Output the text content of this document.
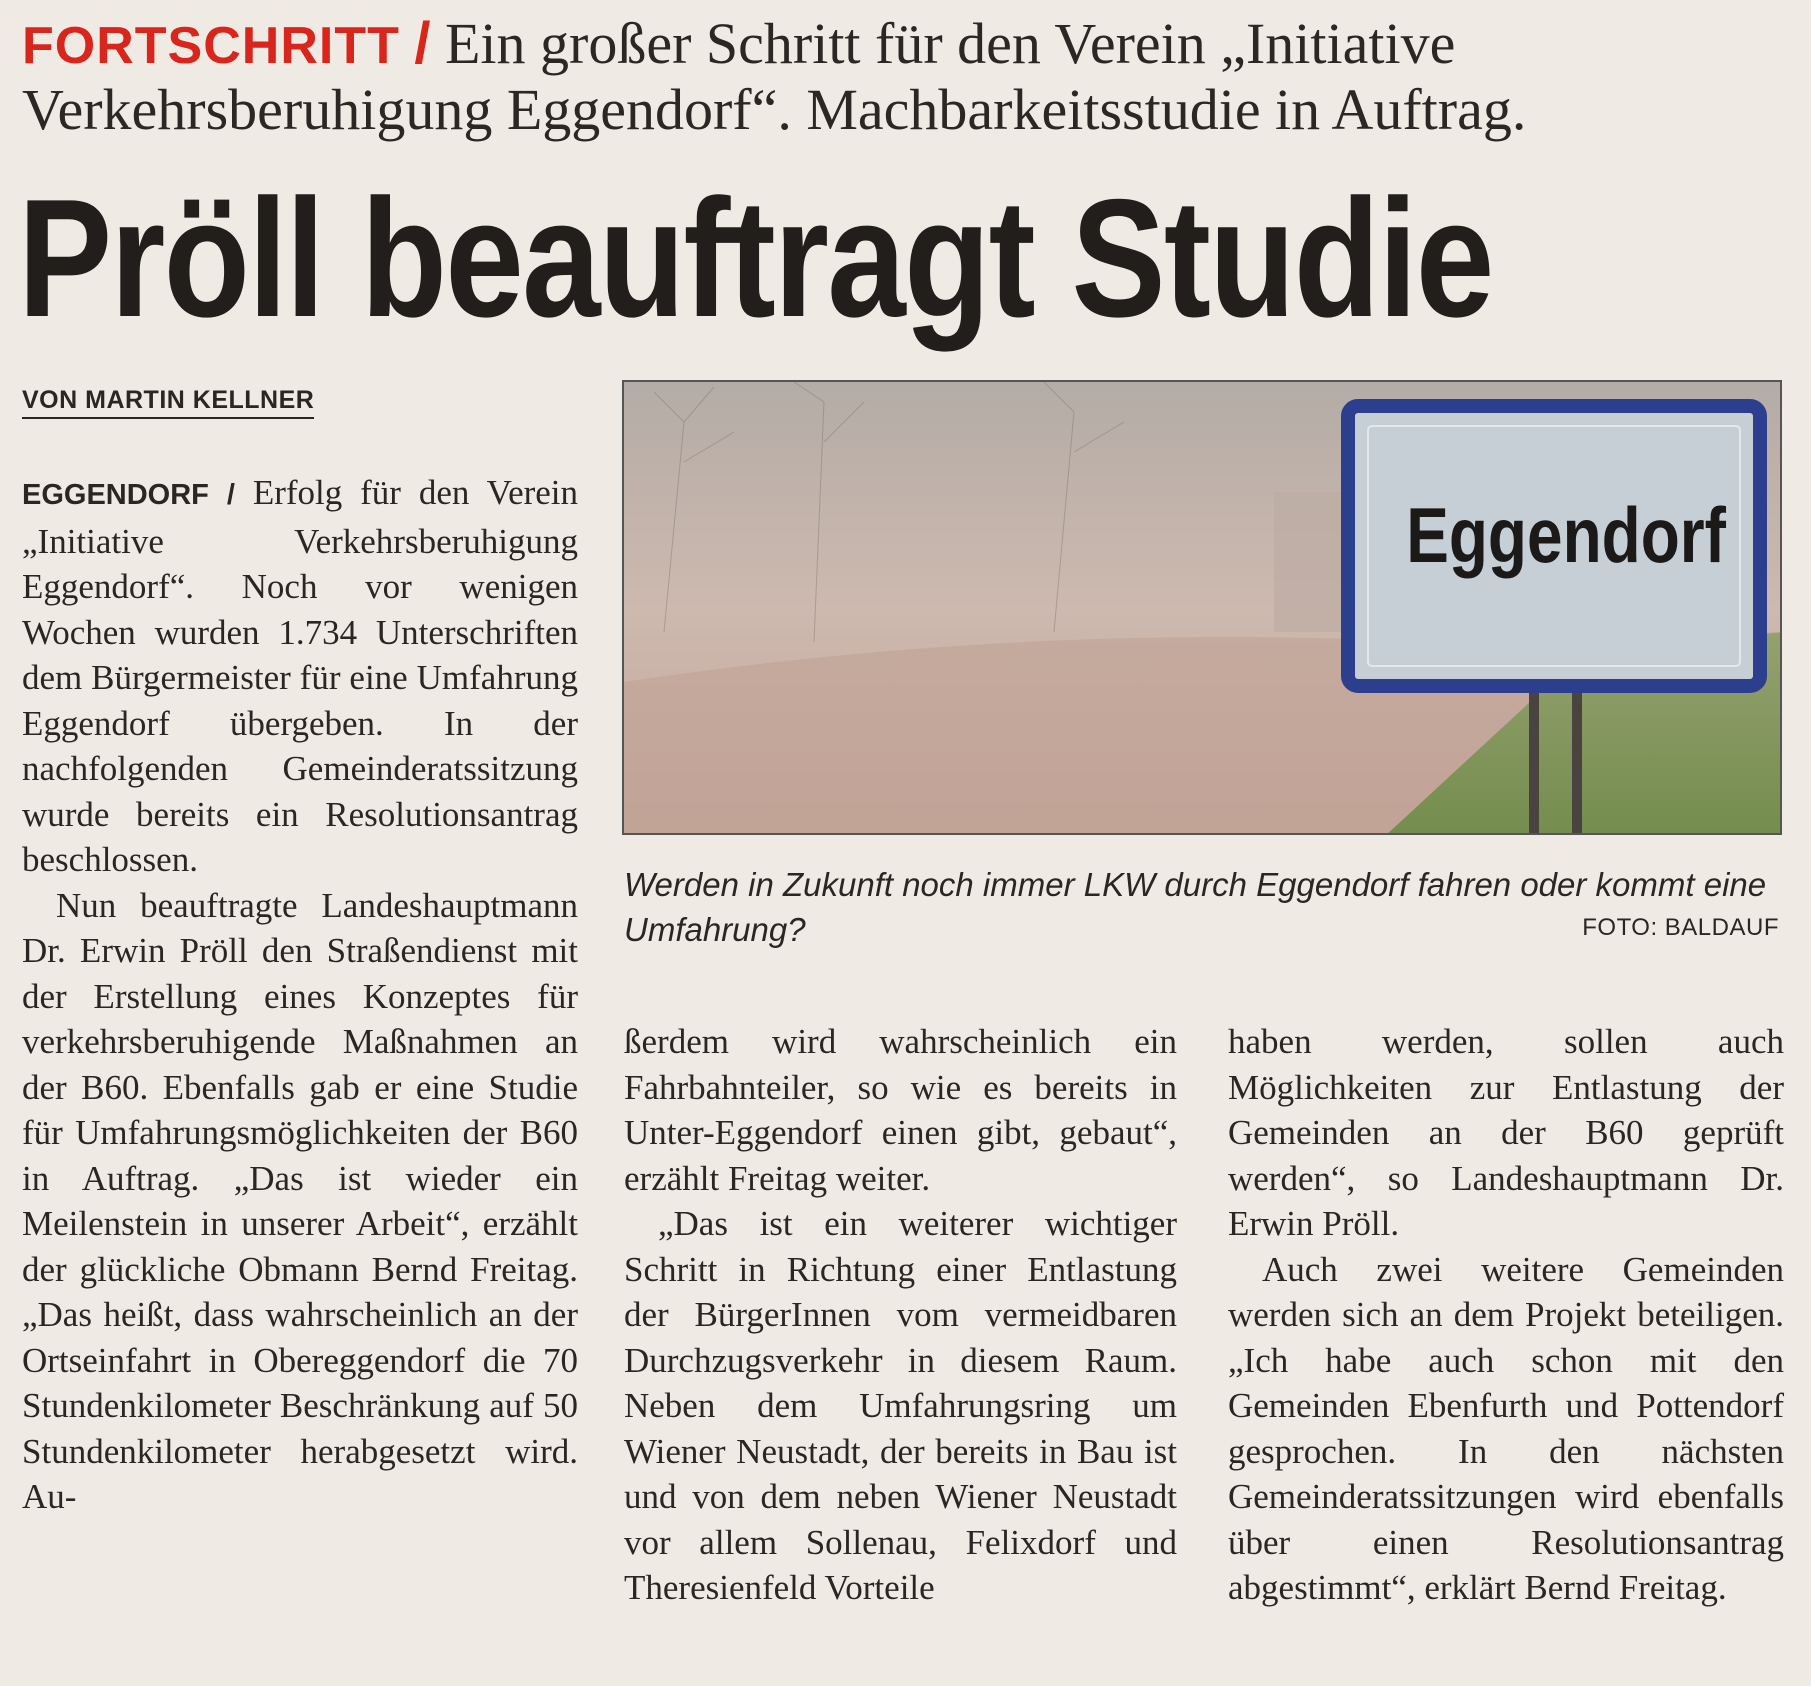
FORTSCHRITT / Ein großer Schritt für den Verein „Initiative Verkehrsberuhigung Eggendorf“. Machbarkeitsstudie in Auftrag.
Pröll beauftragt Studie
VON MARTIN KELLNER

EGGENDORF / Erfolg für den Verein „Initiative Verkehrsberuhigung Eggendorf“. Noch vor wenigen Wochen wurden 1.734 Unterschriften dem Bürgermeister für eine Umfahrung Eggendorf übergeben. In der nachfolgenden Gemeinderatssitzung wurde bereits ein Resolutionsantrag beschlossen.

Nun beauftragte Landeshauptmann Dr. Erwin Pröll den Straßendienst mit der Erstellung eines Konzeptes für verkehrsberuhigende Maßnahmen an der B60. Ebenfalls gab er eine Studie für Umfahrungsmöglichkeiten der B60 in Auftrag. „Das ist wieder ein Meilenstein in unserer Arbeit“, erzählt der glückliche Obmann Bernd Freitag. „Das heißt, dass wahrscheinlich an der Ortseinfahrt in Obereggendorf die 70 Stundenkilometer Beschränkung auf 50 Stundenkilometer herabgesetzt wird. Au-

Eggendorf
Werden in Zukunft noch immer LKW durch Eggendorf fahren oder kommt eine Umfahrung?	FOTO: BALDAUF

ßerdem wird wahrscheinlich ein Fahrbahnteiler, so wie es bereits in Unter-Eggendorf einen gibt, gebaut“, erzählt Freitag weiter.

„Das ist ein weiterer wichtiger Schritt in Richtung einer Entlastung der BürgerInnen vom vermeidbaren Durchzugsverkehr in diesem Raum. Neben dem Umfahrungsring um Wiener Neustadt, der bereits in Bau ist und von dem neben Wiener Neustadt vor allem Sollenau, Felixdorf und Theresienfeld Vorteile

haben werden, sollen auch Möglichkeiten zur Entlastung der Gemeinden an der B60 geprüft werden“, so Landeshauptmann Dr. Erwin Pröll.

Auch zwei weitere Gemeinden werden sich an dem Projekt beteiligen. „Ich habe auch schon mit den Gemeinden Ebenfurth und Pottendorf gesprochen. In den nächsten Gemeinderatssitzungen wird ebenfalls über einen Resolutionsantrag abgestimmt“, erklärt Bernd Freitag.
